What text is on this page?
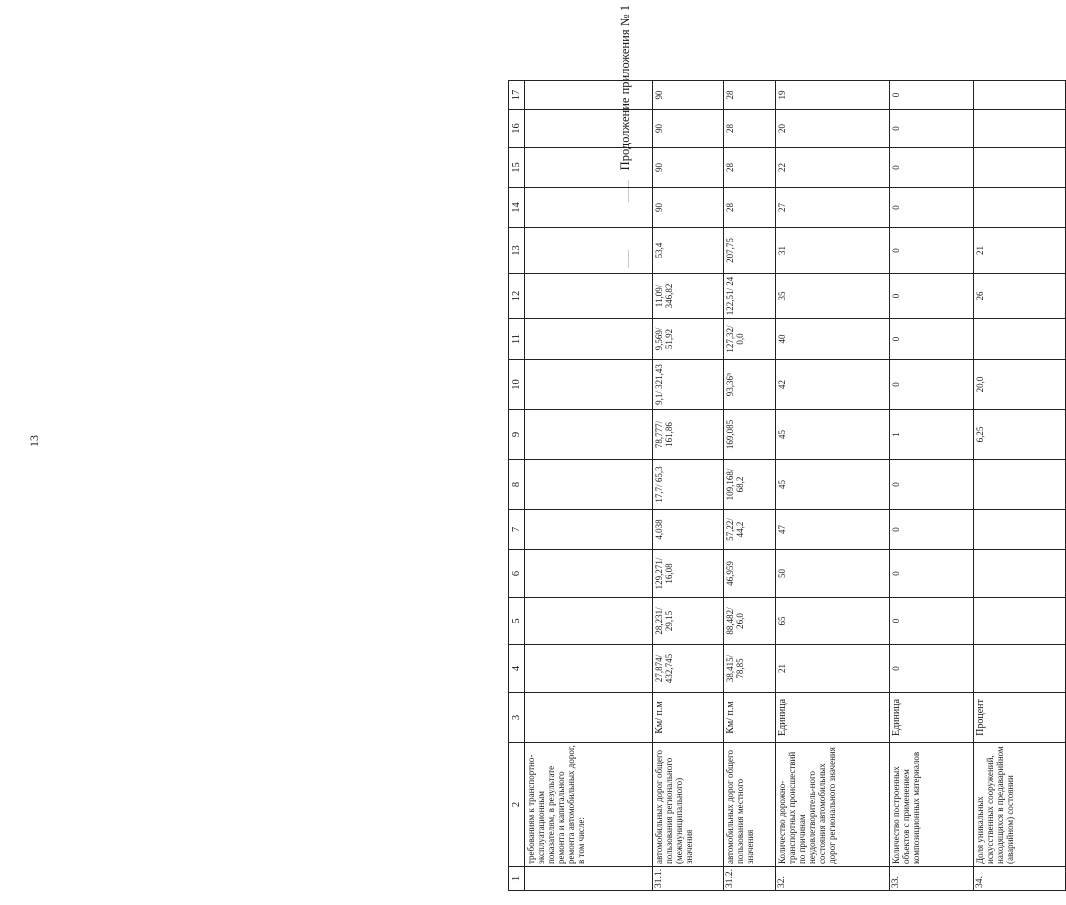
13
Продолжение приложения № 1
1	2	3	4	5	6	7	8	9	10	11	12	13	14	15	16	17
	требованиям к транспортно-эксплуатационным показателям, в результате ремонта и капитального ремонта автомобильных дорог, в том числе:															
31.1.	автомобильных дорог общего пользования регионального (межмуниципального) значения	Км/ п.м	27,874/ 432,745	28,231/ 29,15	129,271/ 16,08	4,038	17,7/ 65,3	78,777/ 161,86	9,1/ 321,43	9,569/ 51,92	11,09/ 346,82	53,4	90	90	90	90
31.2.	автомобильных дорог общего пользования местного значения	Км/ п.м	38,415/ 78,85	88,482/ 26,0	46,959	57,22/ 44,2	109,168/ 68,2	169,085	93,36⁵	127,32/ 0,0	122,51/ 24	207,75	28	28	28	28
32.	Количество дорожно-транспортных происшествий по причинам неудовлетворитель-ного состояния автомобильных дорог регионального значения	Единица	21	65	50	47	45	45	42	40	35	31	27	22	20	19
33.	Количество построенных объектов с применением композиционных материалов	Единица	0	0	0	0	0	1	0	0	0	0	0	0	0	0
34.	Доля уникальных искусственных сооружений, находящихся в предаварийном (аварийном) состоянии	Процент						6,25	20,0		26	21				
